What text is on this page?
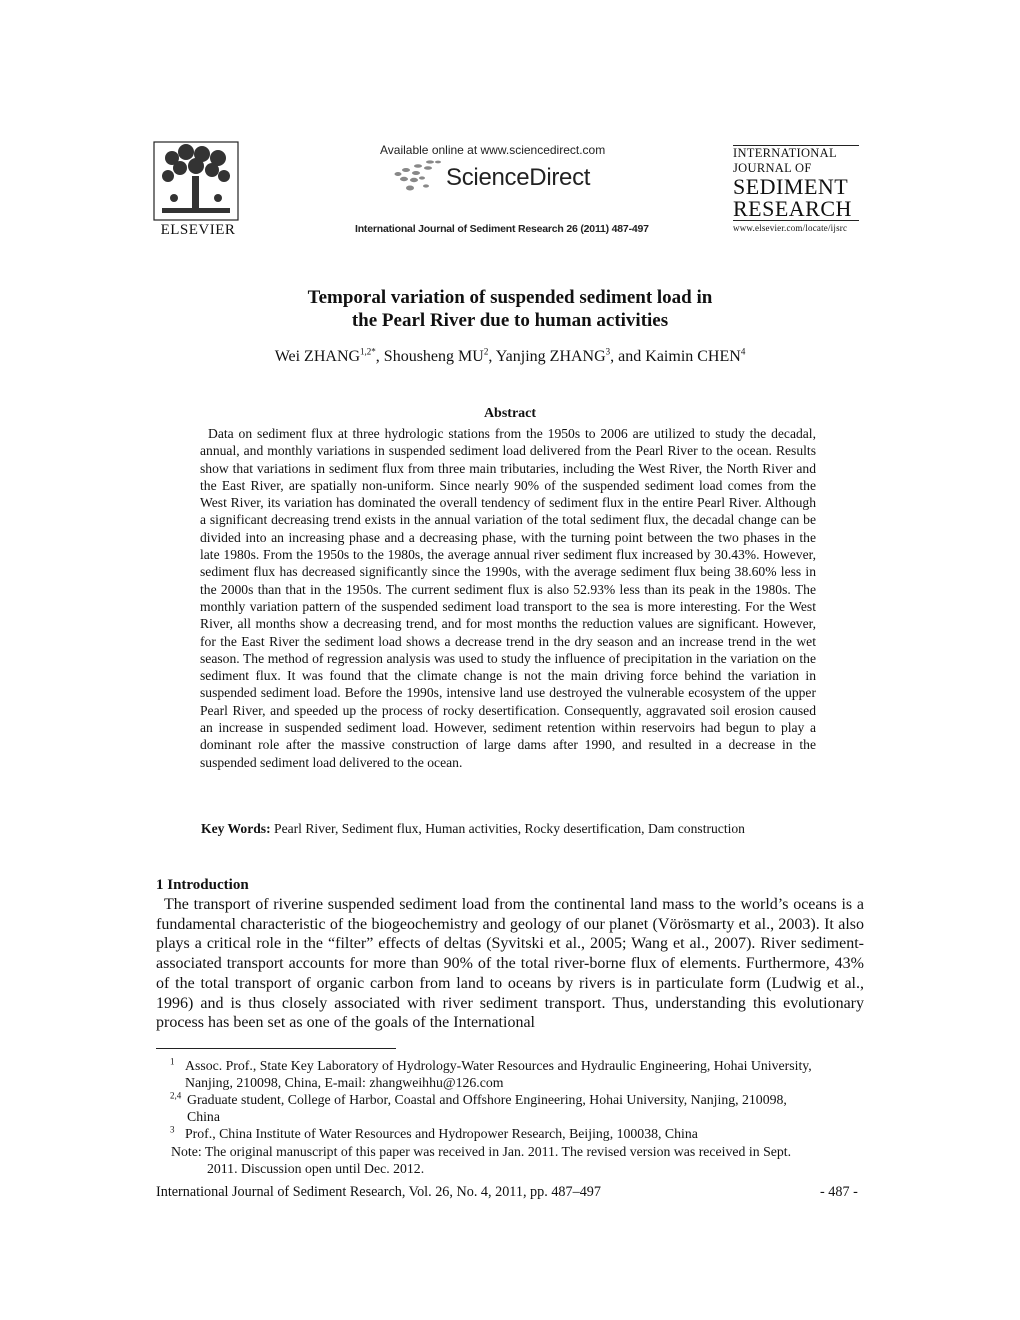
ELSEVIER
Available online at www.sciencedirect.com
ScienceDirect
International Journal of Sediment Research 26 (2011) 487-497
INTERNATIONAL
JOURNAL OF
SEDIMENT
RESEARCH
www.elsevier.com/locate/ijsrc
Temporal variation of suspended sediment load in
the Pearl River due to human activities
Wei $ZHANG^{1,2*}$, Shousheng $MU^2$, Yanjing ZHANG$^3$, and Kaimin CHEN$^4$
Abstract
Data on sediment flux at three hydrologic stations from the 1950s to 2006 are utilized to study the decadal, annual, and monthly variations in suspended sediment load delivered from the Pearl River to the ocean. Results show that variations in sediment flux from three main tributaries, including the West River, the North River and the East River, are spatially non-uniform. Since nearly 90% of the suspended sediment load comes from the West River, its variation has dominated the overall tendency of sediment flux in the entire Pearl River. Although a significant decreasing trend exists in the annual variation of the total sediment flux, the decadal change can be divided into an increasing phase and a decreasing phase, with the turning point between the two phases in the late 1980s. From the 1950s to the 1980s, the average annual river sediment flux increased by 30.43%. However, sediment flux has decreased significantly since the 1990s, with the average sediment flux being 38.60% less in the 2000s than that in the 1950s. The current sediment flux is also 52.93% less than its peak in the 1980s. The monthly variation pattern of the suspended sediment load transport to the sea is more interesting. For the West River, all months show a decreasing trend, and for most months the reduction values are significant. However, for the East River the sediment load shows a decrease trend in the dry season and an increase trend in the wet season. The method of regression analysis was used to study the influence of precipitation in the variation on the sediment flux. It was found that the climate change is not the main driving force behind the variation in suspended sediment load. Before the 1990s, intensive land use destroyed the vulnerable ecosystem of the upper Pearl River, and speeded up the process of rocky desertification. Consequently, aggravated soil erosion caused an increase in suspended sediment load. However, sediment retention within reservoirs had begun to play a dominant role after the massive construction of large dams after 1990, and resulted in a decrease in the suspended sediment load delivered to the ocean.
Key Words: Pearl River, Sediment flux, Human activities, Rocky desertification, Dam construction
1 Introduction
The transport of riverine suspended sediment load from the continental land mass to the world’s oceans is a fundamental characteristic of the biogeochemistry and geology of our planet (Vörösmarty et al., 2003). It also plays a critical role in the “filter” effects of deltas (Syvitski et al., 2005; Wang et al., 2007). River sediment-associated transport accounts for more than 90% of the total river-borne flux of elements. Furthermore, 43% of the total transport of organic carbon from land to oceans by rivers is in particulate form (Ludwig et al., 1996) and is thus closely associated with river sediment transport. Thus, understanding this evolutionary process has been set as one of the goals of the International
$^1$ Assoc. Prof., State Key Laboratory of Hydrology-Water Resources and Hydraulic Engineering, Hohai University,
Nanjing, 210098, China, E-mail: zhangweihhu@126.com
$^{2,4}$ Graduate student, College of Harbor, Coastal and Offshore Engineering, Hohai University, Nanjing, 210098,
China
$^3$ Prof., China Institute of Water Resources and Hydropower Research, Beijing, 100038, China
Note: The original manuscript of this paper was received in Jan. 2011. The revised version was received in Sept.
2011. Discussion open until Dec. 2012.
International Journal of Sediment Research, Vol. 26, No. 4, 2011, pp. 487–497	- 487 -
